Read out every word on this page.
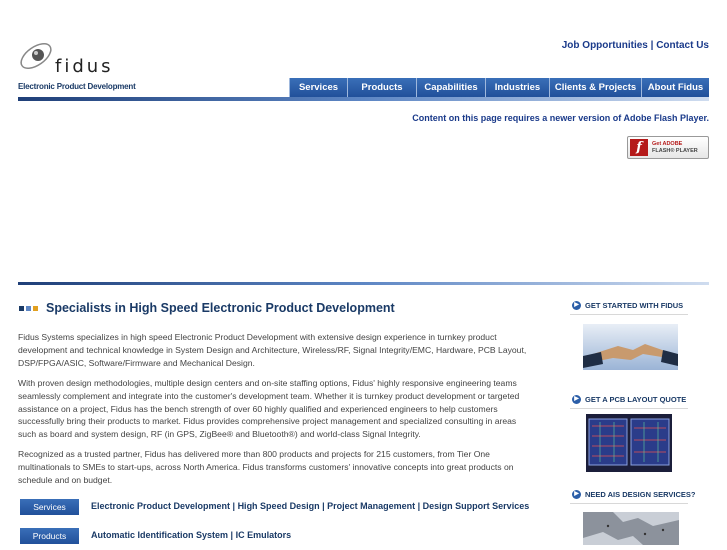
fidus
Electronic Product Development
Job Opportunities | Contact Us
Services	Products	Capabilities	Industries	Clients & Projects	About Fidus
Content on this page requires a newer version of Adobe Flash Player.
f	Get ADOBE
FLASH® PLAYER
Specialists in High Speed Electronic Product Development
Fidus Systems specializes in high speed Electronic Product Development with extensive design experience in turnkey product development and technical knowledge in System Design and Architecture, Wireless/RF, Signal Integrity/EMC, Hardware, PCB Layout, DSP/FPGA/ASIC, Software/Firmware and Mechanical Design.
With proven design methodologies, multiple design centers and on-site staffing options, Fidus' highly responsive engineering teams seamlessly complement and integrate into the customer's development team. Whether it is turnkey product development or targeted assistance on a project, Fidus has the bench strength of over 60 highly qualified and experienced engineers to help customers successfully bring their products to market. Fidus provides comprehensive project management and specialized consulting in areas such as board and system design, RF (in GPS, ZigBee® and Bluetooth®) and world-class Signal Integrity.
Recognized as a trusted partner, Fidus has delivered more than 800 products and projects for 215 customers, from Tier One multinationals to SMEs to start-ups, across North America. Fidus transforms customers' innovative concepts into great products on schedule and on budget.
Services	Electronic Product Development | High Speed Design | Project Management | Design Support Services
Products	Automatic Identification System | IC Emulators
▶ GET STARTED WITH FIDUS
▶ GET A PCB LAYOUT QUOTE
▶ NEED AIS DESIGN SERVICES?
